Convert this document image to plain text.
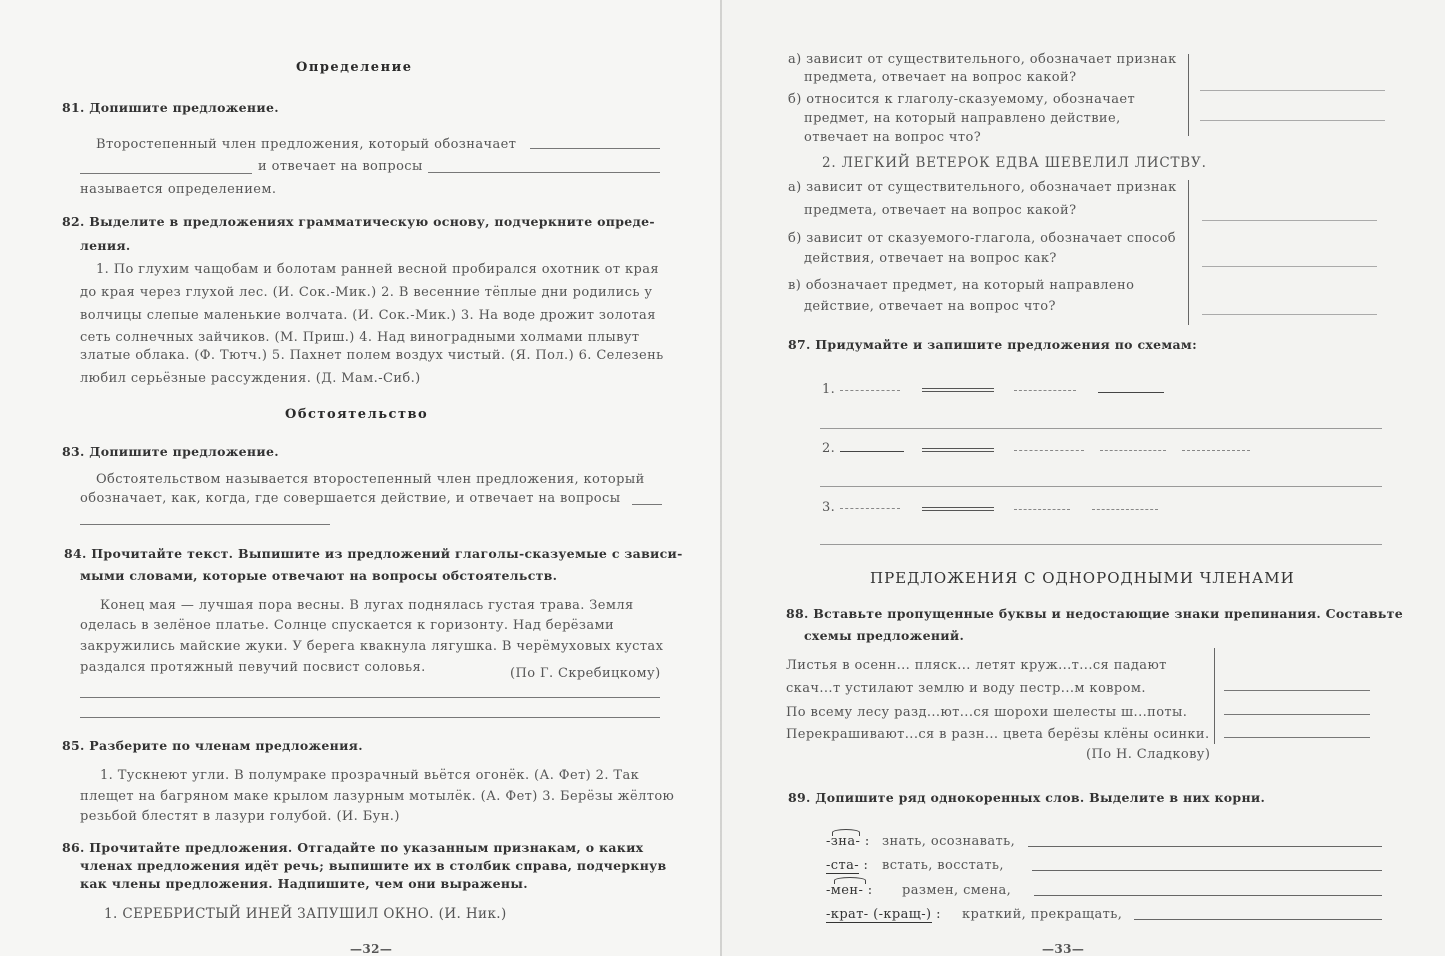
Определение
81. Допишите предложение.
Второстепенный член предложения, который обозначает
и отвечает на вопросы
называется определением.
82. Выделите в предложениях грамматическую основу, подчеркните опреде-
ления.
1. По глухим чащобам и болотам ранней весной пробирался охотник от края
до края через глухой лес. (И. Сок.-Мик.) 2. В весенние тёплые дни родились у
волчицы слепые маленькие волчата. (И. Сок.-Мик.) 3. На воде дрожит золотая
сеть солнечных зайчиков. (М. Приш.) 4. Над виноградными холмами плывут
златые облака. (Ф. Тютч.) 5. Пахнет полем воздух чистый. (Я. Пол.) 6. Селезень
любил серьёзные рассуждения. (Д. Мам.-Сиб.)
Обстоятельство
83. Допишите предложение.
Обстоятельством называется второстепенный член предложения, который
обозначает, как, когда, где совершается действие, и отвечает на вопросы
84. Прочитайте текст. Выпишите из предложений глаголы-сказуемые с зависи-
мыми словами, которые отвечают на вопросы обстоятельств.
Конец мая — лучшая пора весны. В лугах поднялась густая трава. Земля
оделась в зелёное платье. Солнце спускается к горизонту. Над берёзами
закружились майские жуки. У берега квакнула лягушка. В черёмуховых кустах
раздался протяжный певучий посвист соловья.	(По Г. Скребицкому)
85. Разберите по членам предложения.
1. Тускнеют угли. В полумраке прозрачный вьётся огонёк. (А. Фет) 2. Так
плещет на багряном маке крылом лазурным мотылёк. (А. Фет) 3. Берёзы жёлтою
резьбой блестят в лазури голубой. (И. Бун.)
86. Прочитайте предложения. Отгадайте по указанным признакам, о каких
членах предложения идёт речь; выпишите их в столбик справа, подчеркнув
как члены предложения. Надпишите, чем они выражены.
1. СЕРЕБРИСТЫЙ ИНЕЙ ЗАПУШИЛ ОКНО. (И. Ник.)
—32—
а) зависит от существительного, обозначает признак
предмета, отвечает на вопрос какой?
б) относится к глаголу-сказуемому, обозначает
предмет, на который направлено действие,
отвечает на вопрос что?
2. ЛЕГКИЙ ВЕТЕРОК ЕДВА ШЕВЕЛИЛ ЛИСТВУ.
а) зависит от существительного, обозначает признак
предмета, отвечает на вопрос какой?
б) зависит от сказуемого-глагола, обозначает способ
действия, отвечает на вопрос как?
в) обозначает предмет, на который направлено
действие, отвечает на вопрос что?
87. Придумайте и запишите предложения по схемам:
1.
2.
3.
ПРЕДЛОЖЕНИЯ С ОДНОРОДНЫМИ ЧЛЕНАМИ
88. Вставьте пропущенные буквы и недостающие знаки препинания. Составьте
схемы предложений.
Листья в осенн... пляск... летят круж...т...ся падают
скач...т устилают землю и воду пестр...м ковром.
По всему лесу разд...ют...ся шорохи шелесты ш...поты.
Перекрашивают...ся в разн... цвета берёзы клёны осинки.
(По Н. Сладкову)
89. Допишите ряд однокоренных слов. Выделите в них корни.
-зна- : знать, осознавать,
-ста- : встать, восстать,
-мен- : размен, смена,
-крат- (-кращ-) : краткий, прекращать,
—33—
